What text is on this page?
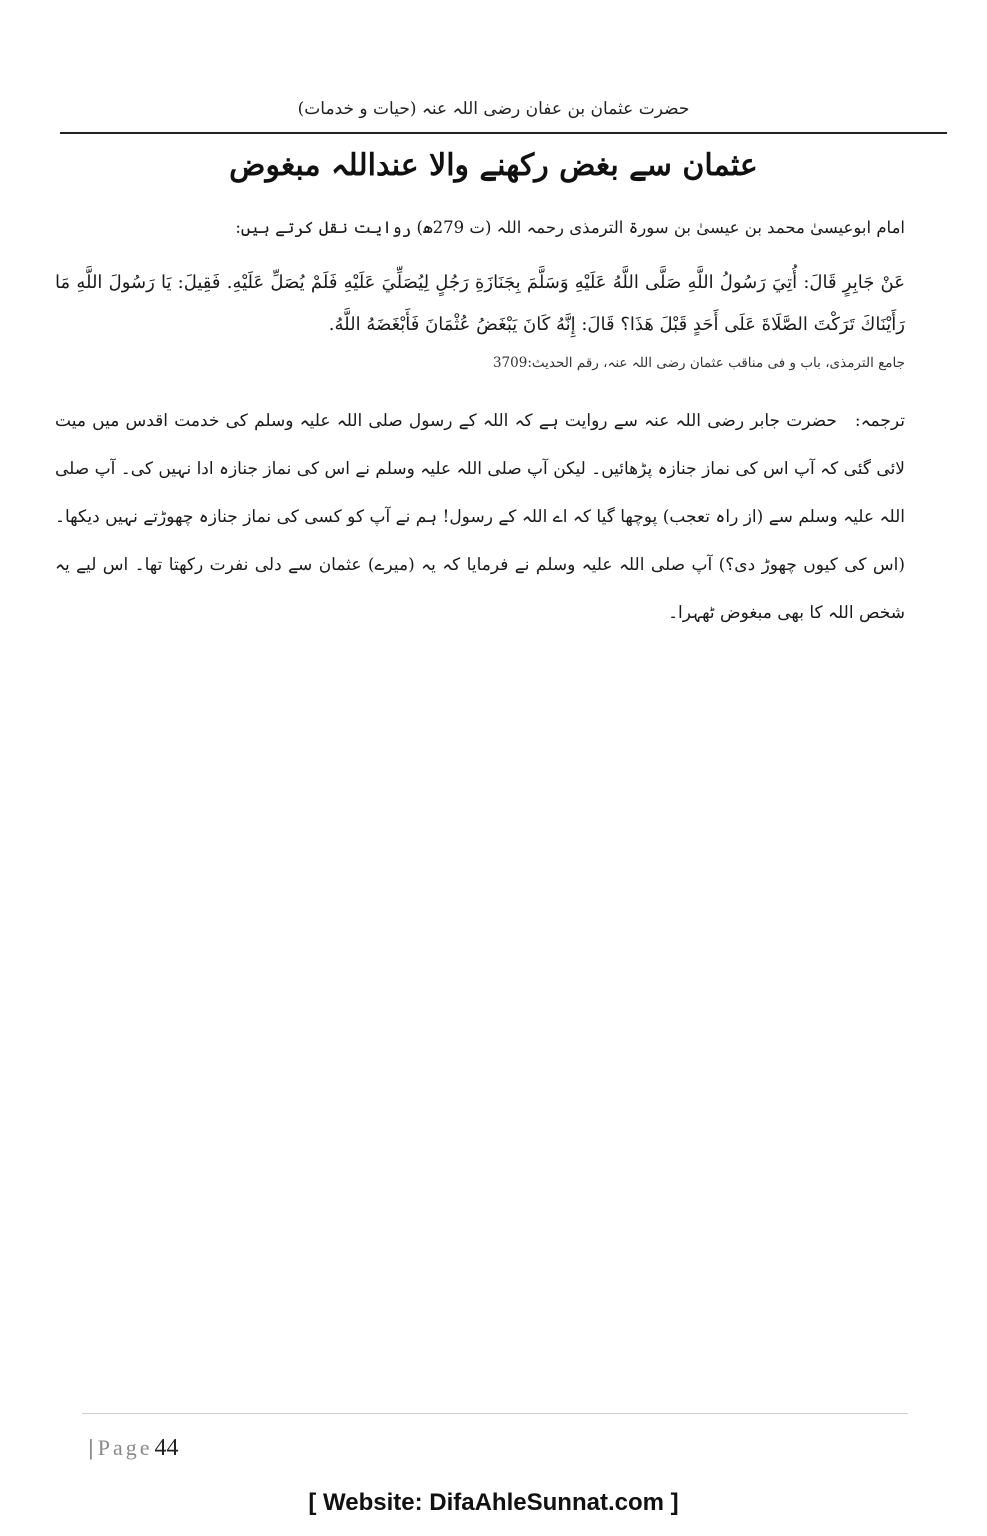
حضرت عثمان بن عفان رضی اللہ عنہ (حیات و خدمات)
عثمان سے بغض رکھنے والا عنداللہ مبغوض
امام ابوعیسیٰ محمد بن عیسیٰ بن سورۃ الترمذی رحمہ اللہ (ت 279ھ) روایت نقل کرتے ہیں:
عَنْ جَابِرٍ قَالَ: أُتِيَ رَسُولُ اللَّهِ صَلَّى اللَّهُ عَلَيْهِ وَسَلَّمَ بِجَنَازَةِ رَجُلٍ لِيُصَلِّيَ عَلَيْهِ فَلَمْ يُصَلِّ عَلَيْهِ. فَقِيلَ: يَا رَسُولَ اللَّهِ مَا رَأَيْنَاكَ تَرَكْتَ الصَّلَاةَ عَلَى أَحَدٍ قَبْلَ هَذَا؟ قَالَ: إِنَّهُ كَانَ يَبْغَضُ عُثْمَانَ فَأَبْغَضَهُ اللَّهُ.
جامع الترمذی، باب و فی مناقب عثمان رضی اللہ عنہ، رقم الحدیث:3709
ترجمہ:حضرت جابر رضی اللہ عنہ سے روایت ہے کہ اللہ کے رسول صلی اللہ علیہ وسلم کی خدمت اقدس میں میت لائی گئی کہ آپ اس کی نماز جنازہ پڑھائیں۔ لیکن آپ صلی اللہ علیہ وسلم نے اس کی نماز جنازہ ادا نہیں کی۔ آپ صلی اللہ علیہ وسلم سے (از راہ تعجب) پوچھا گیا کہ اے اللہ کے رسول! ہم نے آپ کو کسی کی نماز جنازہ چھوڑتے نہیں دیکھا۔ (اس کی کیوں چھوڑ دی؟) آپ صلی اللہ علیہ وسلم نے فرمایا کہ یہ (میرے) عثمان سے دلی نفرت رکھتا تھا۔ اس لیے یہ شخص اللہ کا بھی مبغوض ٹھہرا۔
| Page44
[ Website: DifaAhleSunnat.com ]
